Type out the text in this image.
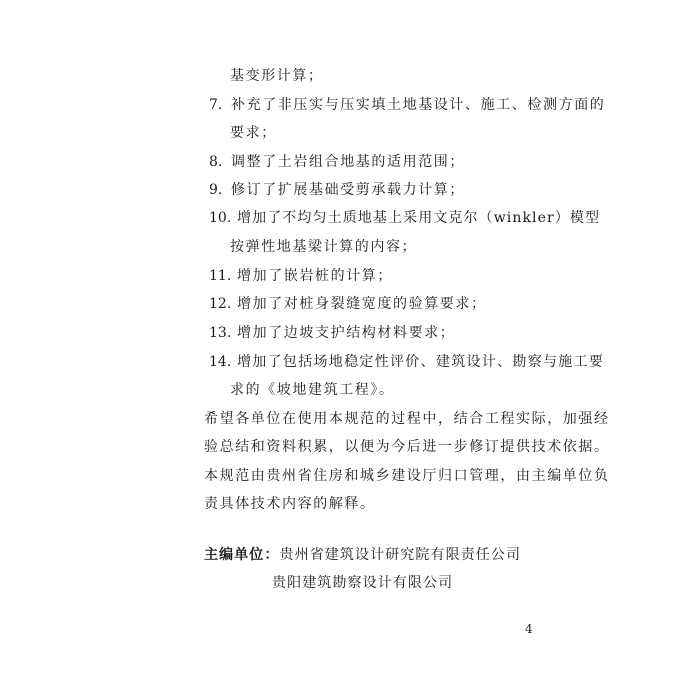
基变形计算；
7. 补充了非压实与压实填土地基设计、施工、检测方面的
要求；
8. 调整了土岩组合地基的适用范围；
9. 修订了扩展基础受剪承载力计算；
10. 增加了不均匀土质地基上采用文克尔（winkler）模型
按弹性地基梁计算的内容；
11. 增加了嵌岩桩的计算；
12. 增加了对桩身裂缝宽度的验算要求；
13. 增加了边坡支护结构材料要求；
14. 增加了包括场地稳定性评价、建筑设计、勘察与施工要
求的《坡地建筑工程》。
希望各单位在使用本规范的过程中，结合工程实际，加强经
验总结和资料积累，以便为今后进一步修订提供技术依据。
本规范由贵州省住房和城乡建设厅归口管理，由主编单位负
责具体技术内容的解释。
主编单位：贵州省建筑设计研究院有限责任公司
贵阳建筑勘察设计有限公司
4
